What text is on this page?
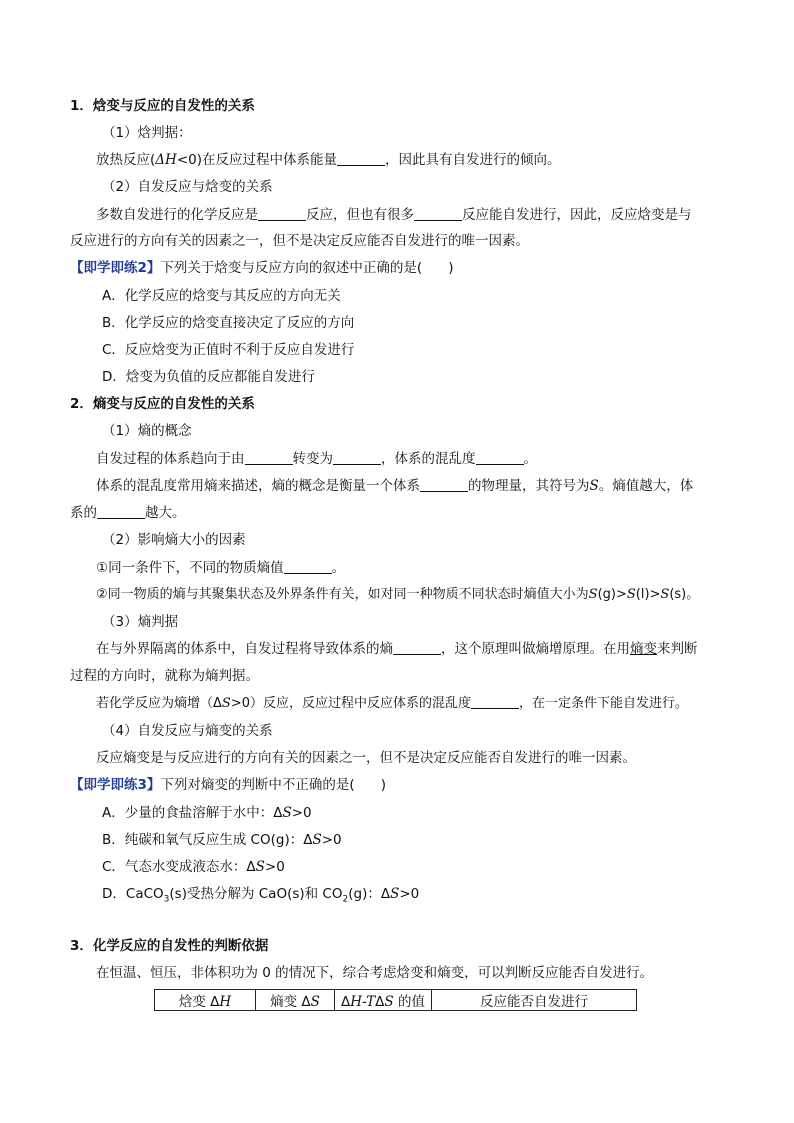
1．焓变与反应的自发性的关系
（1）焓判据：
放热反应(ΔH<0)在反应过程中体系能量	，因此具有自发进行的倾向。
（2）自发反应与焓变的关系
多数自发进行的化学反应是	反应，但也有很多	反应能自发进行，因此，反应焓变是与
反应进行的方向有关的因素之一，但不是决定反应能否自发进行的唯一因素。
【即学即练2】下列关于焓变与反应方向的叙述中正确的是( )
A．化学反应的焓变与其反应的方向无关
B．化学反应的焓变直接决定了反应的方向
C．反应焓变为正值时不利于反应自发进行
D．焓变为负值的反应都能自发进行
2．熵变与反应的自发性的关系
（1）熵的概念
自发过程的体系趋向于由	转变为	，体系的混乱度	。
体系的混乱度常用熵来描述，熵的概念是衡量一个体系	的物理量，其符号为S。熵值越大，体
系的	越大。
（2）影响熵大小的因素
①同一条件下，不同的物质熵值	。
②同一物质的熵与其聚集状态及外界条件有关，如对同一种物质不同状态时熵值大小为S(g)>S(l)>S(s)。
（3）熵判据
在与外界隔离的体系中，自发过程将导致体系的熵	，这个原理叫做熵增原理。在用熵变来判断
过程的方向时，就称为熵判据。
若化学反应为熵增（ΔS>0）反应，反应过程中反应体系的混乱度	，在一定条件下能自发进行。
（4）自发反应与熵变的关系
反应熵变是与反应进行的方向有关的因素之一，但不是决定反应能否自发进行的唯一因素。
【即学即练3】下列对熵变的判断中不正确的是( )
A．少量的食盐溶解于水中：ΔS>0
B．纯碳和氧气反应生成 CO(g)：ΔS>0
C．气态水变成液态水：ΔS>0
D．CaCO$_3$(s)受热分解为 CaO(s)和 $CO_2(g)$：ΔS>0
3．化学反应的自发性的判断依据
在恒温、恒压，非体积功为 0 的情况下，综合考虑焓变和熵变，可以判断反应能否自发进行。
焓变 ΔH	熵变 ΔS	ΔH-TΔS 的值	反应能否自发进行
